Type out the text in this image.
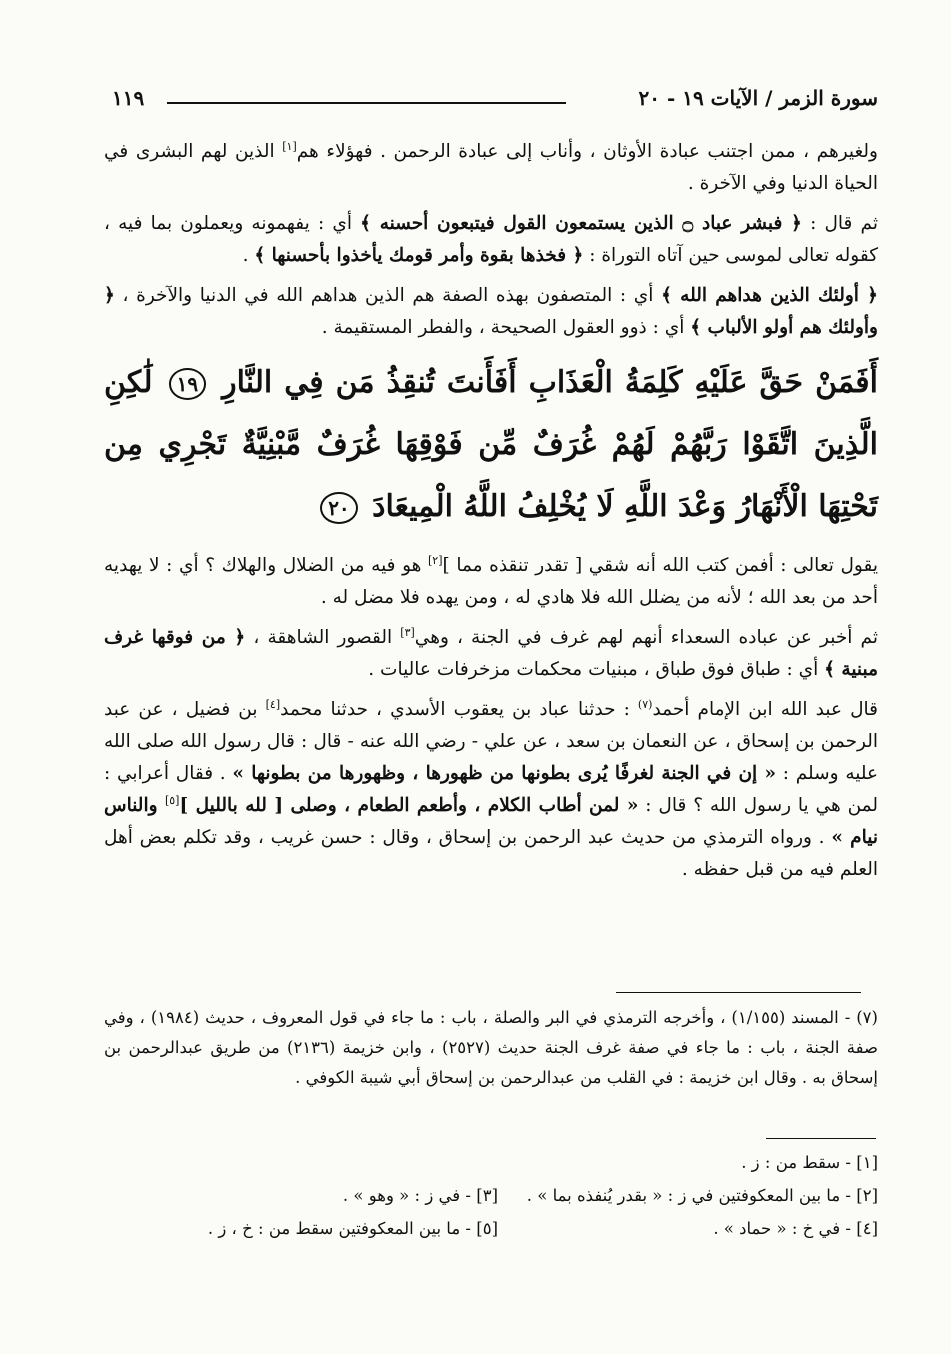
سورة الزمر / الآيات ١٩ - ٢٠
١١٩

ولغيرهم ، ممن اجتنب عبادة الأوثان ، وأناب إلى عبادة الرحمن . فهؤلاء هم[١] الذين لهم البشرى في الحياة الدنيا وفي الآخرة .

ثم قال : ﴿ فبشر عباد ۝ الذين يستمعون القول فيتبعون أحسنه ﴾ أي : يفهمونه ويعملون بما فيه ، كقوله تعالى لموسى حين آتاه التوراة : ﴿ فخذها بقوة وأمر قومك يأخذوا بأحسنها ﴾ .

﴿ أولئك الذين هداهم الله ﴾ أي : المتصفون بهذه الصفة هم الذين هداهم الله في الدنيا والآخرة ، ﴿ وأولئك هم أولو الألباب ﴾ أي : ذوو العقول الصحيحة ، والفطر المستقيمة .

أَفَمَنْ حَقَّ عَلَيْهِ كَلِمَةُ الْعَذَابِ أَفَأَنتَ تُنقِذُ مَن فِي النَّارِ ١٩ لَٰكِنِ الَّذِينَ اتَّقَوْا رَبَّهُمْ لَهُمْ غُرَفٌ مِّن فَوْقِهَا غُرَفٌ مَّبْنِيَّةٌ تَجْرِي مِن تَحْتِهَا الْأَنْهَارُ وَعْدَ اللَّهِ لَا يُخْلِفُ اللَّهُ الْمِيعَادَ ٢٠

يقول تعالى : أفمن كتب الله أنه شقي [ تقدر تنقذه مما ][٢] هو فيه من الضلال والهلاك ؟ أي : لا يهديه أحد من بعد الله ؛ لأنه من يضلل الله فلا هادي له ، ومن يهده فلا مضل له .

ثم أخبر عن عباده السعداء أنهم لهم غرف في الجنة ، وهي[٣] القصور الشاهقة ، ﴿ من فوقها غرف مبنية ﴾ أي : طباق فوق طباق ، مبنيات محكمات مزخرفات عاليات .

قال عبد الله ابن الإمام أحمد$^{(٧)}$ : حدثنا عباد بن يعقوب الأسدي ، حدثنا محمد[٤] بن فضيل ، عن عبد الرحمن بن إسحاق ، عن النعمان بن سعد ، عن علي - رضي الله عنه - قال : قال رسول الله صلى الله عليه وسلم : « إن في الجنة لغرفًا يُرى بطونها من ظهورها ، وظهورها من بطونها » . فقال أعرابي : لمن هي يا رسول الله ؟ قال : « لمن أطاب الكلام ، وأطعم الطعام ، وصلى [ لله بالليل ][٥] والناس نيام » . ورواه الترمذي من حديث عبد الرحمن بن إسحاق ، وقال : حسن غريب ، وقد تكلم بعض أهل العلم فيه من قبل حفظه .

(٧) - المسند (١/١٥٥) ، وأخرجه الترمذي في البر والصلة ، باب : ما جاء في قول المعروف ، حديث (١٩٨٤) ، وفي صفة الجنة ، باب : ما جاء في صفة غرف الجنة حديث (٢٥٢٧) ، وابن خزيمة (٢١٣٦) من طريق عبدالرحمن بن إسحاق به . وقال ابن خزيمة : في القلب من عبدالرحمن بن إسحاق أبي شيبة الكوفي .
[١] - سقط من : ز .
[٢] - ما بين المعكوفتين في ز : « بقدر يُنفذه بما » .
[٣] - في ز : « وهو » .
[٤] - في خ : « حماد » .
[٥] - ما بين المعكوفتين سقط من : خ ، ز .
